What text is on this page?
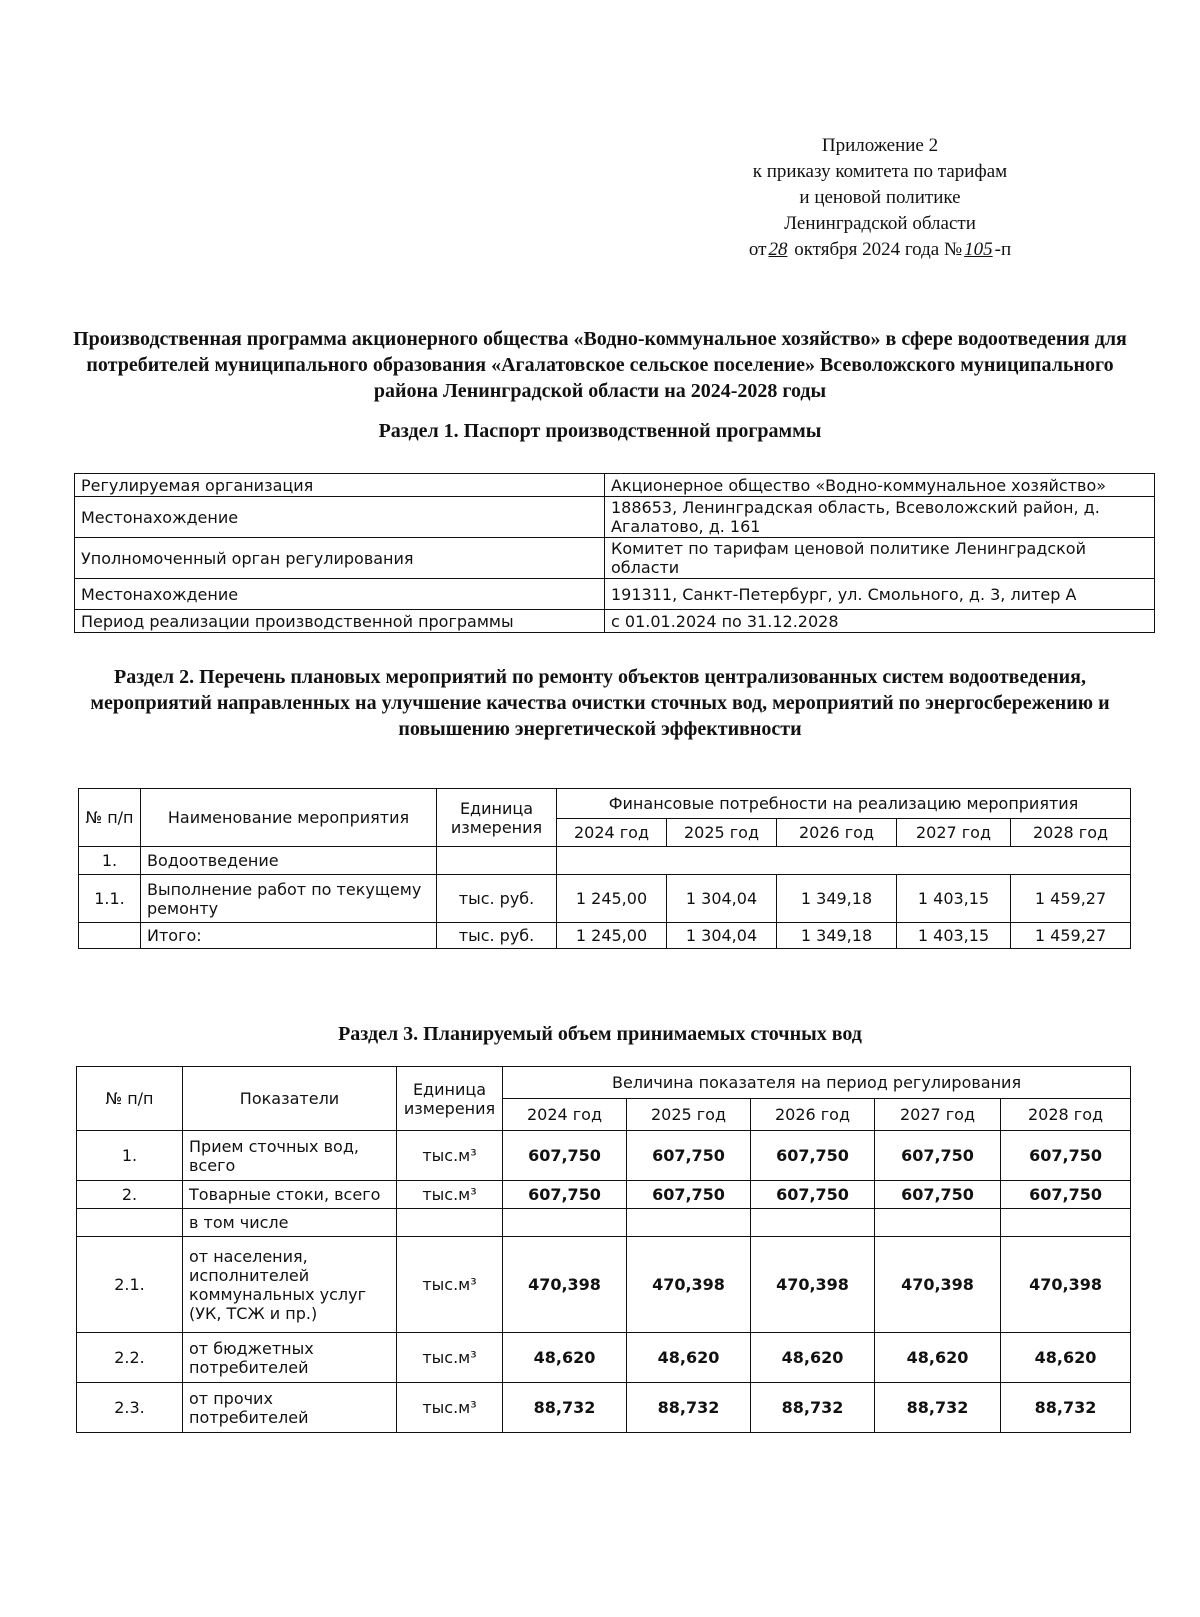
Приложение 2
к приказу комитета по тарифам
и ценовой политике
Ленинградской области
от 28 октября 2024 года № 105 -п
Производственная программа акционерного общества «Водно-коммунальное хозяйство» в сфере водоотведения для потребителей муниципального образования «Агалатовское сельское поселение» Всеволожского муниципального района Ленинградской области на 2024-2028 годы
Раздел 1. Паспорт производственной программы
Регулируемая организация	Акционерное общество «Водно-коммунальное хозяйство»
Местонахождение	188653, Ленинградская область, Всеволожский район, д. Агалатово, д. 161
Уполномоченный орган регулирования	Комитет по тарифам ценовой политике Ленинградской области
Местонахождение	191311, Санкт-Петербург, ул. Смольного, д. 3, литер А
Период реализации производственной программы	с 01.01.2024 по 31.12.2028
Раздел 2. Перечень плановых мероприятий по ремонту объектов централизованных систем водоотведения, мероприятий направленных на улучшение качества очистки сточных вод, мероприятий по энергосбережению и повышению энергетической эффективности
№ п/п	Наименование мероприятия	Единица измерения	Финансовые потребности на реализацию мероприятия				
			2024 год	2025 год	2026 год	2027 год	2028 год
1.	Водоотведение						
1.1.	Выполнение работ по текущему ремонту	тыс. руб.	1 245,00	1 304,04	1 349,18	1 403,15	1 459,27
	Итого:	тыс. руб.	1 245,00	1 304,04	1 349,18	1 403,15	1 459,27
Раздел 3. Планируемый объем принимаемых сточных вод
№ п/п	Показатели	Единица измерения	Величина показателя на период регулирования				
			2024 год	2025 год	2026 год	2027 год	2028 год
1.	Прием сточных вод, всего	тыс.м³	607,750	607,750	607,750	607,750	607,750
2.	Товарные стоки, всего	тыс.м³	607,750	607,750	607,750	607,750	607,750
	в том числе						
2.1.	от населения, исполнителей коммунальных услуг (УК, ТСЖ и пр.)	тыс.м³	470,398	470,398	470,398	470,398	470,398
2.2.	от бюджетных потребителей	тыс.м³	48,620	48,620	48,620	48,620	48,620
2.3.	от прочих потребителей	тыс.м³	88,732	88,732	88,732	88,732	88,732
